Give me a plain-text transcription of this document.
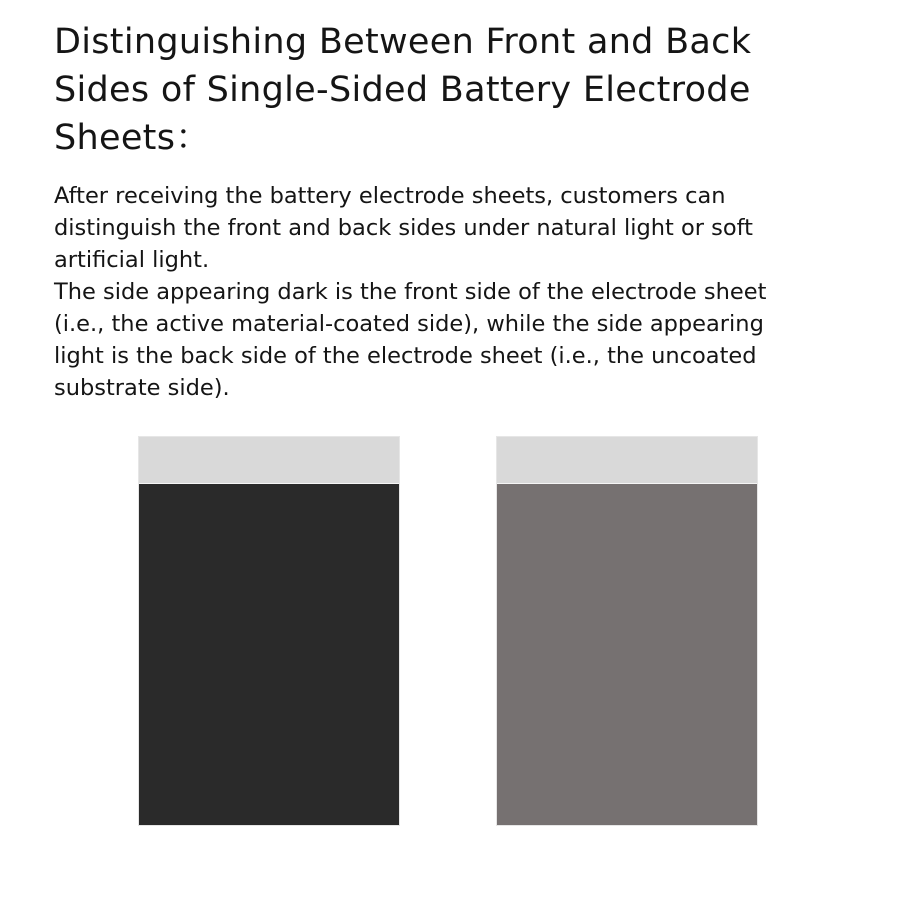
Distinguishing Between Front and Back Sides of Single-Sided Battery Electrode Sheets：

After receiving the battery electrode sheets, customers can distinguish the front and back sides under natural light or soft artificial light.

The side appearing dark is the front side of the electrode sheet (i.e., the active material-coated side), while the side appearing light is the back side of the electrode sheet (i.e., the uncoated substrate side).
